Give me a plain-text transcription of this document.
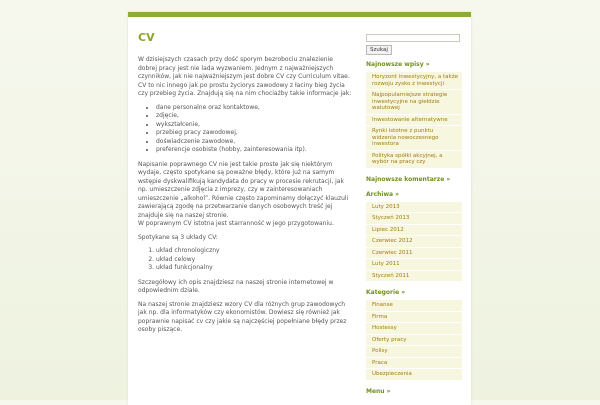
CV

W dzisiejszych czasach przy dość sporym bezrobociu znalezienie dobrej pracy jest nie lada wyzwaniem. Jednym z najważniejszych czynników, jak nie najważniejszym jest dobre CV czy Curriculum vitae. CV to nic innego jak po prostu życiorys zawodowy z łaciny bieg życia czy przebieg życia. Znajdują się na nim chociażby takie informacje jak:

• dane personalne oraz kontaktowe,
• zdjęcie,
• wykształcenie,
• przebieg pracy zawodowej,
• doświadczenie zawodowe,
• preferencje osobiste (hobby, zainteresowania itp).

Napisanie poprawnego CV nie jest takie proste jak się niektórym wydaje, często spotykane są poważne błędy, które już na samym wstępie dyskwalifikują kandydata do pracy w procesie rekrutacji, jak np. umieszczenie zdjęcia z imprezy, czy w zainteresowaniach umieszczenie „alkohol”. Równie często zapominamy dołączyć klauzuli zawierającą zgodę na przetwarzanie danych osobowych treść jej znajduje się na naszej stronie.
W poprawnym CV istotna jest starranność w jego przygotowaniu.

Spotykane są 3 układy CV:

1. układ chronologiczny
2. układ celowy
3. układ funkcjonalny

Szczegółowy ich opis znajdziesz na naszej stronie internetowej w odpowiednim dziale.

Na naszej stronie znajdziesz wzory CV dla różnych grup zawodowych jak np. dla informatyków czy ekonomistów. Dowiesz się również jak poprawnie napisać cv czy jakie są najczęściej popełniane błędy przez osoby piszące.

Szukaj
Najnowsze wpisy »
Horyzont inwestycyjny, a także rozwoju zysko z inwestycji
Najpopularniejsze strategie inwestycyjne na giełdzie walutowej
Inwestowanie alternatywne
Rynki istotne z punktu widzenia nowoczesnego inwestora
Polityka spółki akcyjnej, a wybór na pracy czy
Najnowsze komentarze »
Archiwa »
Luty 2013
Styczeń 2013
Lipiec 2012
Czerwiec 2012
Czerwiec 2011
Luty 2011
Styczeń 2011
Kategorie »
Finanse
Firma
Hostessy
Oferty pracy
Polisy
Praca
Ubezpieczenia
Menu »
